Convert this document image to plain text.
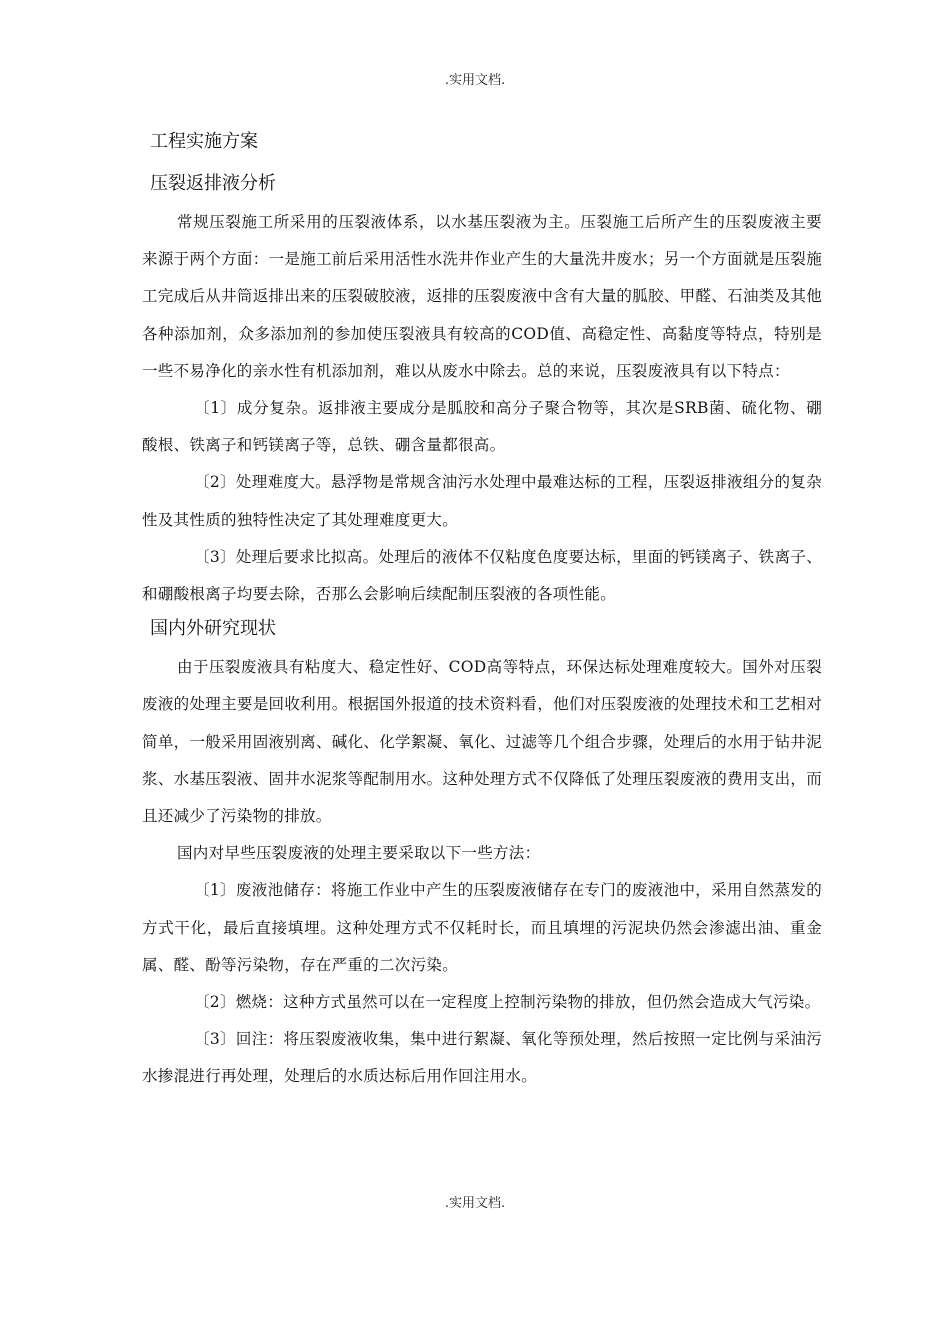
.实用文档.
工程实施方案
压裂返排液分析

常规压裂施工所采用的压裂液体系，以水基压裂液为主。压裂施工后所产生的压裂废液主要来源于两个方面：一是施工前后采用活性水洗井作业产生的大量洗井废水；另一个方面就是压裂施工完成后从井筒返排出来的压裂破胶液，返排的压裂废液中含有大量的胍胶、甲醛、石油类及其他各种添加剂，众多添加剂的参加使压裂液具有较高的COD值、高稳定性、高黏度等特点，特别是一些不易净化的亲水性有机添加剂，难以从废水中除去。总的来说，压裂废液具有以下特点：

〔1〕成分复杂。返排液主要成分是胍胶和高分子聚合物等，其次是SRB菌、硫化物、硼酸根、铁离子和钙镁离子等，总铁、硼含量都很高。

〔2〕处理难度大。悬浮物是常规含油污水处理中最难达标的工程，压裂返排液组分的复杂性及其性质的独特性决定了其处理难度更大。

〔3〕处理后要求比拟高。处理后的液体不仅粘度色度要达标，里面的钙镁离子、铁离子、和硼酸根离子均要去除，否那么会影响后续配制压裂液的各项性能。

国内外研究现状

由于压裂废液具有粘度大、稳定性好、COD高等特点，环保达标处理难度较大。国外对压裂废液的处理主要是回收利用。根据国外报道的技术资料看，他们对压裂废液的处理技术和工艺相对简单，一般采用固液别离、碱化、化学絮凝、氧化、过滤等几个组合步骤，处理后的水用于钻井泥浆、水基压裂液、固井水泥浆等配制用水。这种处理方式不仅降低了处理压裂废液的费用支出，而且还减少了污染物的排放。

国内对早些压裂废液的处理主要采取以下一些方法：

〔1〕废液池储存：将施工作业中产生的压裂废液储存在专门的废液池中，采用自然蒸发的方式干化，最后直接填埋。这种处理方式不仅耗时长，而且填埋的污泥块仍然会渗滤出油、重金属、醛、酚等污染物，存在严重的二次污染。

〔2〕燃烧：这种方式虽然可以在一定程度上控制污染物的排放，但仍然会造成大气污染。

〔3〕回注：将压裂废液收集，集中进行絮凝、氧化等预处理，然后按照一定比例与采油污水掺混进行再处理，处理后的水质达标后用作回注用水。

.实用文档.
